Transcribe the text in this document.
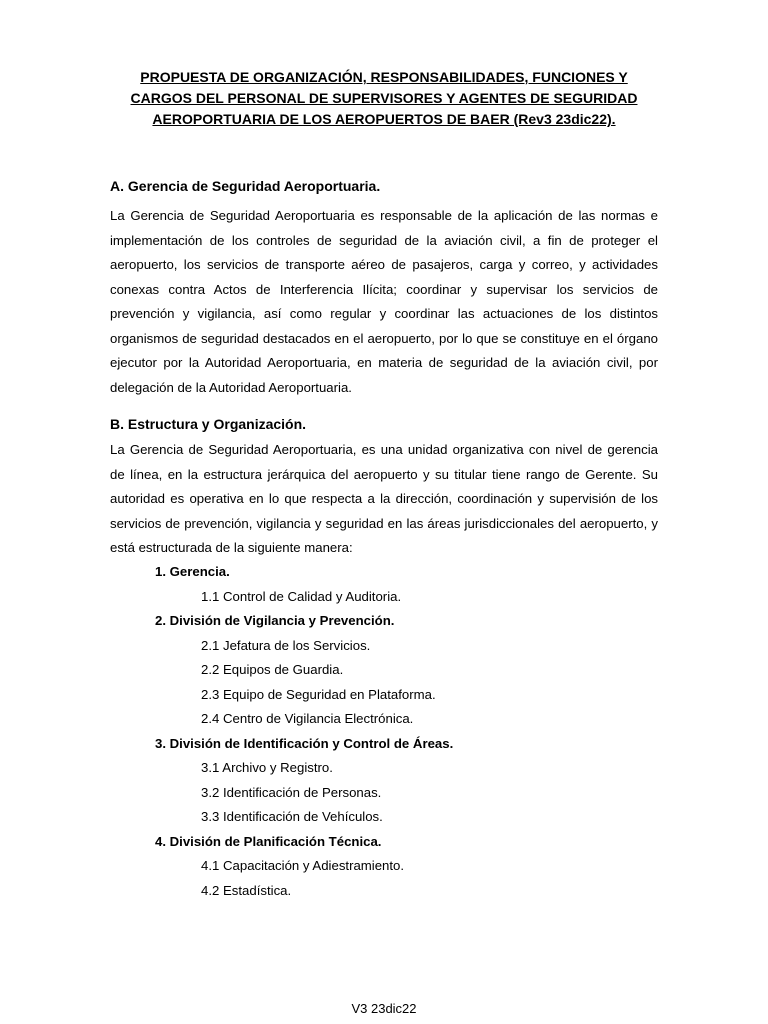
PROPUESTA DE ORGANIZACIÓN, RESPONSABILIDADES, FUNCIONES Y CARGOS DEL PERSONAL DE SUPERVISORES Y AGENTES DE SEGURIDAD AEROPORTUARIA DE LOS AEROPUERTOS DE BAER (Rev3 23dic22).
A. Gerencia de Seguridad Aeroportuaria.
La Gerencia de Seguridad Aeroportuaria es responsable de la aplicación de las normas e implementación de los controles de seguridad de la aviación civil, a fin de proteger el aeropuerto, los servicios de transporte aéreo de pasajeros, carga y correo, y actividades conexas contra Actos de Interferencia Ilícita; coordinar y supervisar los servicios de prevención y vigilancia, así como regular y coordinar las actuaciones de los distintos organismos de seguridad destacados en el aeropuerto, por lo que se constituye en el órgano ejecutor por la Autoridad Aeroportuaria, en materia de seguridad de la aviación civil, por delegación de la Autoridad Aeroportuaria.
B. Estructura y Organización.
La Gerencia de Seguridad Aeroportuaria, es una unidad organizativa con nivel de gerencia de línea, en la estructura jerárquica del aeropuerto y su titular tiene rango de Gerente. Su autoridad es operativa en lo que respecta a la dirección, coordinación y supervisión de los servicios de prevención, vigilancia y seguridad en las áreas jurisdiccionales del aeropuerto, y está estructurada de la siguiente manera:
1. Gerencia.
1.1 Control de Calidad y Auditoria.
2. División de Vigilancia y Prevención.
2.1 Jefatura de los Servicios.
2.2 Equipos de Guardia.
2.3 Equipo de Seguridad en Plataforma.
2.4 Centro de Vigilancia Electrónica.
3. División de Identificación y Control de Áreas.
3.1 Archivo y Registro.
3.2 Identificación de Personas.
3.3 Identificación de Vehículos.
4. División de Planificación Técnica.
4.1 Capacitación y Adiestramiento.
4.2 Estadística.
V3 23dic22
